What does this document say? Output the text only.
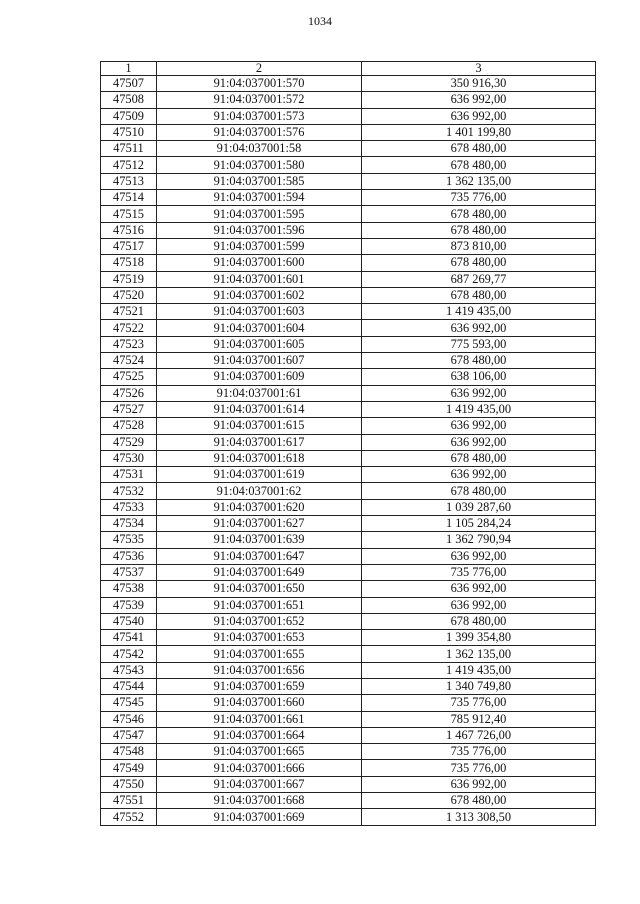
1034
1	2	3
47507	91:04:037001:570	350 916,30
47508	91:04:037001:572	636 992,00
47509	91:04:037001:573	636 992,00
47510	91:04:037001:576	1 401 199,80
47511	91:04:037001:58	678 480,00
47512	91:04:037001:580	678 480,00
47513	91:04:037001:585	1 362 135,00
47514	91:04:037001:594	735 776,00
47515	91:04:037001:595	678 480,00
47516	91:04:037001:596	678 480,00
47517	91:04:037001:599	873 810,00
47518	91:04:037001:600	678 480,00
47519	91:04:037001:601	687 269,77
47520	91:04:037001:602	678 480,00
47521	91:04:037001:603	1 419 435,00
47522	91:04:037001:604	636 992,00
47523	91:04:037001:605	775 593,00
47524	91:04:037001:607	678 480,00
47525	91:04:037001:609	638 106,00
47526	91:04:037001:61	636 992,00
47527	91:04:037001:614	1 419 435,00
47528	91:04:037001:615	636 992,00
47529	91:04:037001:617	636 992,00
47530	91:04:037001:618	678 480,00
47531	91:04:037001:619	636 992,00
47532	91:04:037001:62	678 480,00
47533	91:04:037001:620	1 039 287,60
47534	91:04:037001:627	1 105 284,24
47535	91:04:037001:639	1 362 790,94
47536	91:04:037001:647	636 992,00
47537	91:04:037001:649	735 776,00
47538	91:04:037001:650	636 992,00
47539	91:04:037001:651	636 992,00
47540	91:04:037001:652	678 480,00
47541	91:04:037001:653	1 399 354,80
47542	91:04:037001:655	1 362 135,00
47543	91:04:037001:656	1 419 435,00
47544	91:04:037001:659	1 340 749,80
47545	91:04:037001:660	735 776,00
47546	91:04:037001:661	785 912,40
47547	91:04:037001:664	1 467 726,00
47548	91:04:037001:665	735 776,00
47549	91:04:037001:666	735 776,00
47550	91:04:037001:667	636 992,00
47551	91:04:037001:668	678 480,00
47552	91:04:037001:669	1 313 308,50
